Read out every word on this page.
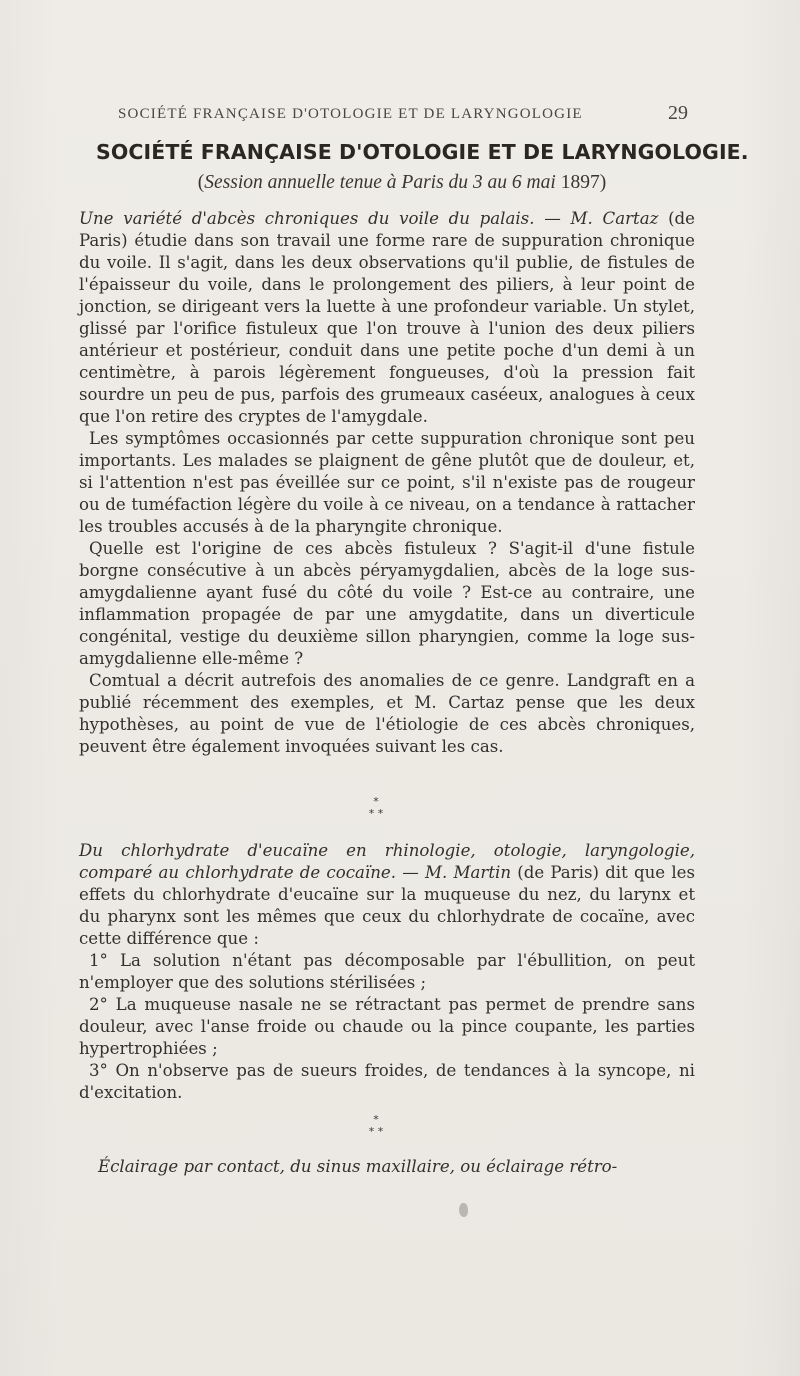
SOCIÉTÉ FRANÇAISE D'OTOLOGIE ET DE LARYNGOLOGIE	29
SOCIÉTÉ FRANÇAISE D'OTOLOGIE ET DE LARYNGOLOGIE.
(Session annuelle tenue à Paris du 3 au 6 mai 1897)

Une variété d'abcès chroniques du voile du palais. — M. Cartaz (de Paris) étudie dans son travail une forme rare de suppuration chronique du voile. Il s'agit, dans les deux observations qu'il publie, de fistules de l'épaisseur du voile, dans le prolongement des piliers, à leur point de jonction, se dirigeant vers la luette à une profondeur variable. Un stylet, glissé par l'orifice fistuleux que l'on trouve à l'union des deux piliers antérieur et postérieur, conduit dans une petite poche d'un demi à un centimètre, à parois légèrement fongueuses, d'où la pression fait sourdre un peu de pus, parfois des grumeaux caséeux, analogues à ceux que l'on retire des cryptes de l'amygdale.

Les symptômes occasionnés par cette suppuration chronique sont peu importants. Les malades se plaignent de gêne plutôt que de douleur, et, si l'attention n'est pas éveillée sur ce point, s'il n'existe pas de rougeur ou de tuméfaction légère du voile à ce niveau, on a tendance à rattacher les troubles accusés à de la pharyngite chronique.

Quelle est l'origine de ces abcès fistuleux ? S'agit-il d'une fistule borgne consécutive à un abcès péryamygdalien, abcès de la loge sus-amygdalienne ayant fusé du côté du voile ? Est-ce au contraire, une inflammation propagée de par une amygdatite, dans un diverticule congénital, vestige du deuxième sillon pharyngien, comme la loge sus-amygdalienne elle-même ?

Comtual a décrit autrefois des anomalies de ce genre. Landgraft en a publié récemment des exemples, et M. Cartaz pense que les deux hypothèses, au point de vue de l'étiologie de ces abcès chroniques, peuvent être également invoquées suivant les cas.

*
* *

Du chlorhydrate d'eucaïne en rhinologie, otologie, laryngologie, comparé au chlorhydrate de cocaïne. — M. Martin (de Paris) dit que les effets du chlorhydrate d'eucaïne sur la muqueuse du nez, du larynx et du pharynx sont les mêmes que ceux du chlorhydrate de cocaïne, avec cette différence que :

1° La solution n'étant pas décomposable par l'ébullition, on peut n'employer que des solutions stérilisées ;

2° La muqueuse nasale ne se rétractant pas permet de prendre sans douleur, avec l'anse froide ou chaude ou la pince coupante, les parties hypertrophiées ;

3° On n'observe pas de sueurs froides, de tendances à la syncope, ni d'excitation.

*
* *

Éclairage par contact, du sinus maxillaire, ou éclairage rétro-
